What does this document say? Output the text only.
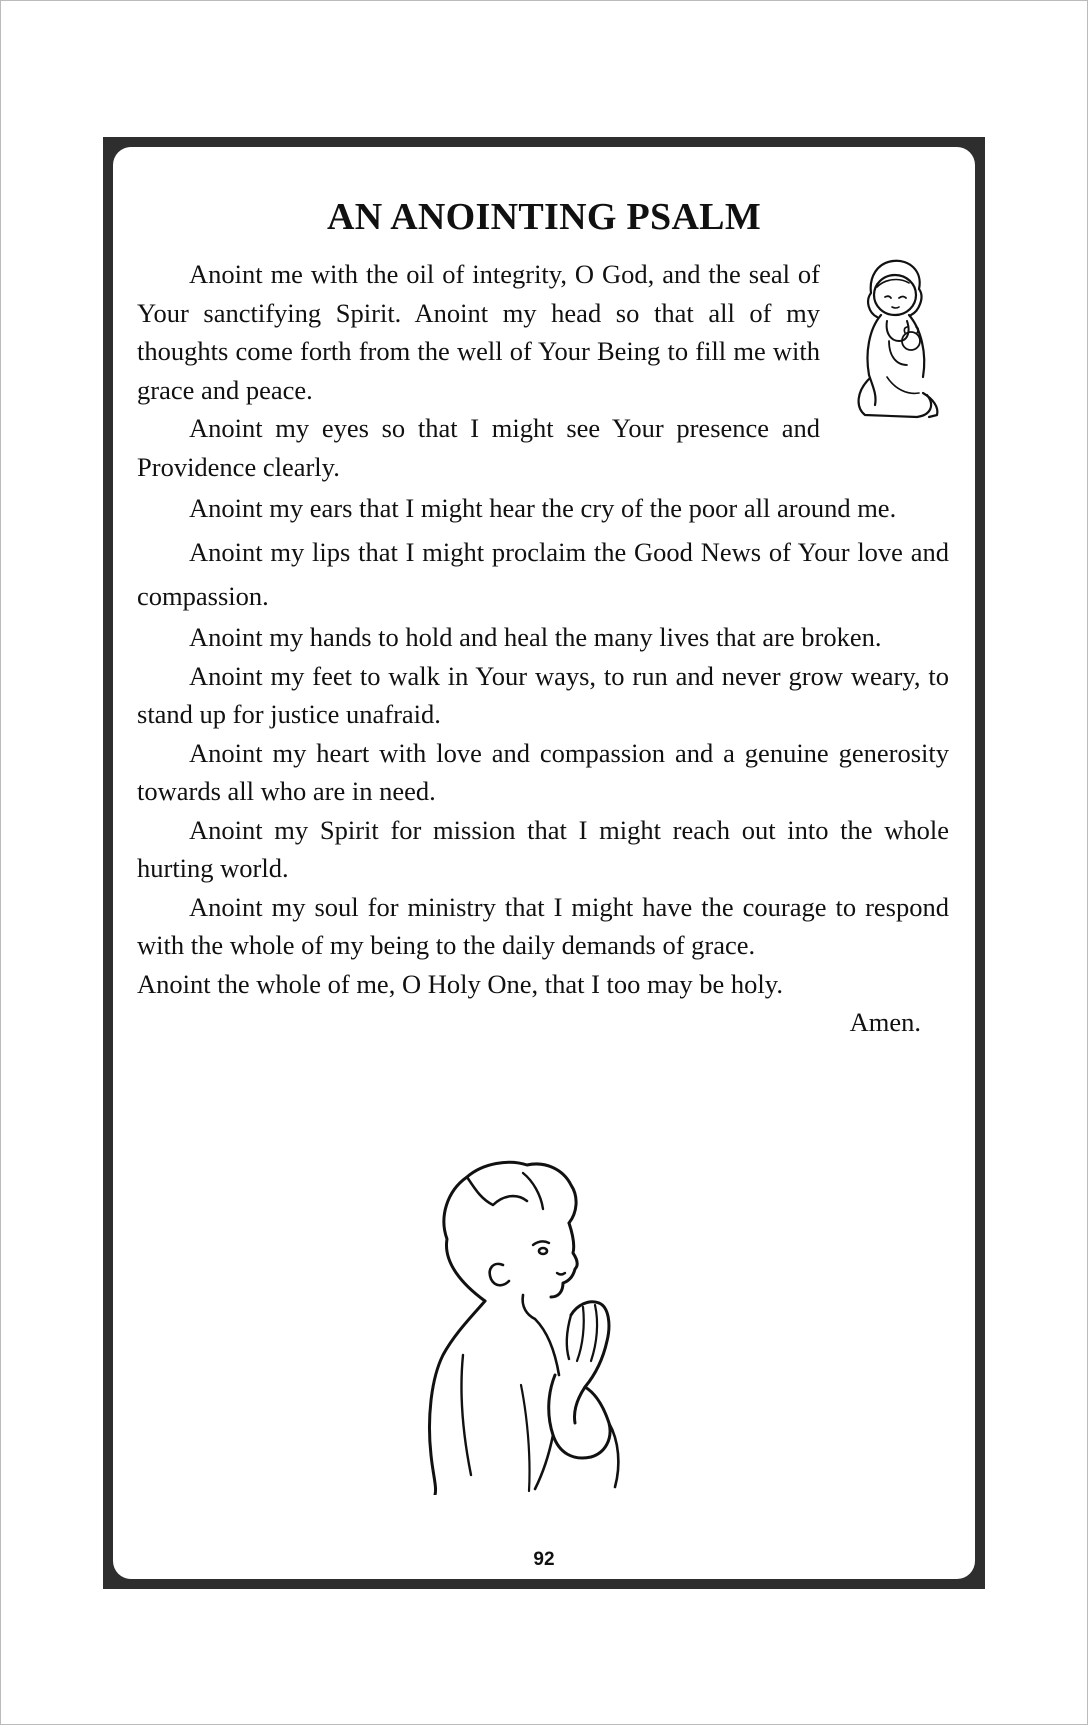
AN ANOINTING PSALM

Anoint me with the oil of integrity, O God, and the seal of Your sanctifying Spirit. Anoint my head so that all of my thoughts come forth from the well of Your Being to fill me with grace and peace.

Anoint my eyes so that I might see Your presence and Providence clearly.

Anoint my ears that I might hear the cry of the poor all around me.

Anoint my lips that I might proclaim the Good News of Your love and compassion.

Anoint my hands to hold and heal the many lives that are broken.

Anoint my feet to walk in Your ways, to run and never grow weary, to stand up for justice unafraid.

Anoint my heart with love and compassion and a genuine generosity towards all who are in need.

Anoint my Spirit for mission that I might reach out into the whole hurting world.

Anoint my soul for ministry that I might have the courage to respond with the whole of my being to the daily demands of grace.

Anoint the whole of me, O Holy One, that I too may be holy.

Amen.

92
